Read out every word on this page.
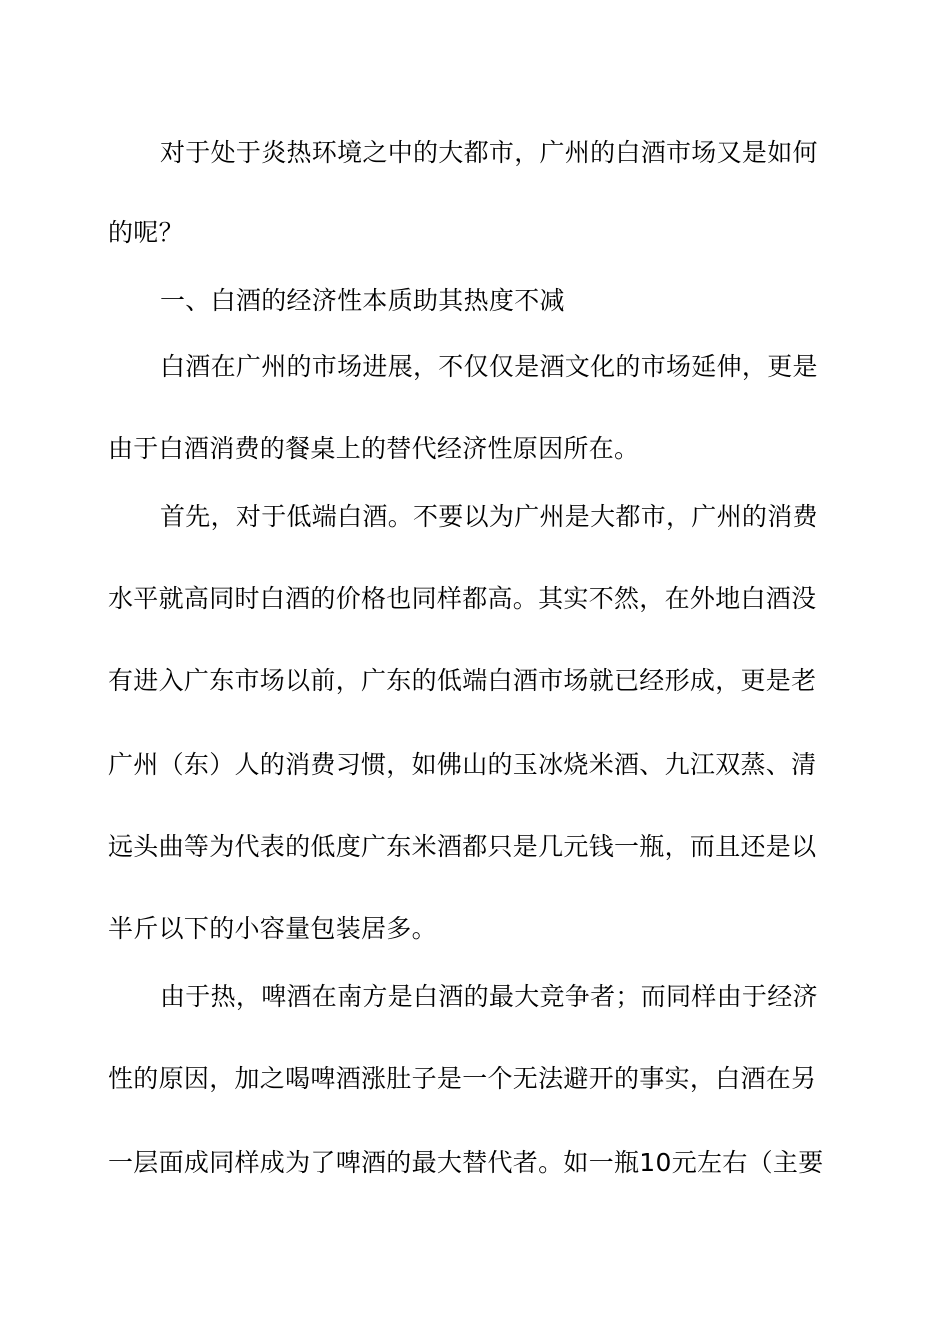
对于处于炎热环境之中的大都市，广州的白酒市场又是如何
的呢？
一、白酒的经济性本质助其热度不减
白酒在广州的市场进展，不仅仅是酒文化的市场延伸，更是
由于白酒消费的餐桌上的替代经济性原因所在。
首先，对于低端白酒。不要以为广州是大都市，广州的消费
水平就高同时白酒的价格也同样都高。其实不然，在外地白酒没
有进入广东市场以前，广东的低端白酒市场就已经形成，更是老
广州（东）人的消费习惯，如佛山的玉冰烧米酒、九江双蒸、清
远头曲等为代表的低度广东米酒都只是几元钱一瓶，而且还是以
半斤以下的小容量包装居多。
由于热，啤酒在南方是白酒的最大竞争者；而同样由于经济
性的原因，加之喝啤酒涨肚子是一个无法避开的事实，白酒在另
一层面成同样成为了啤酒的最大替代者。如一瓶10元左右（主要
